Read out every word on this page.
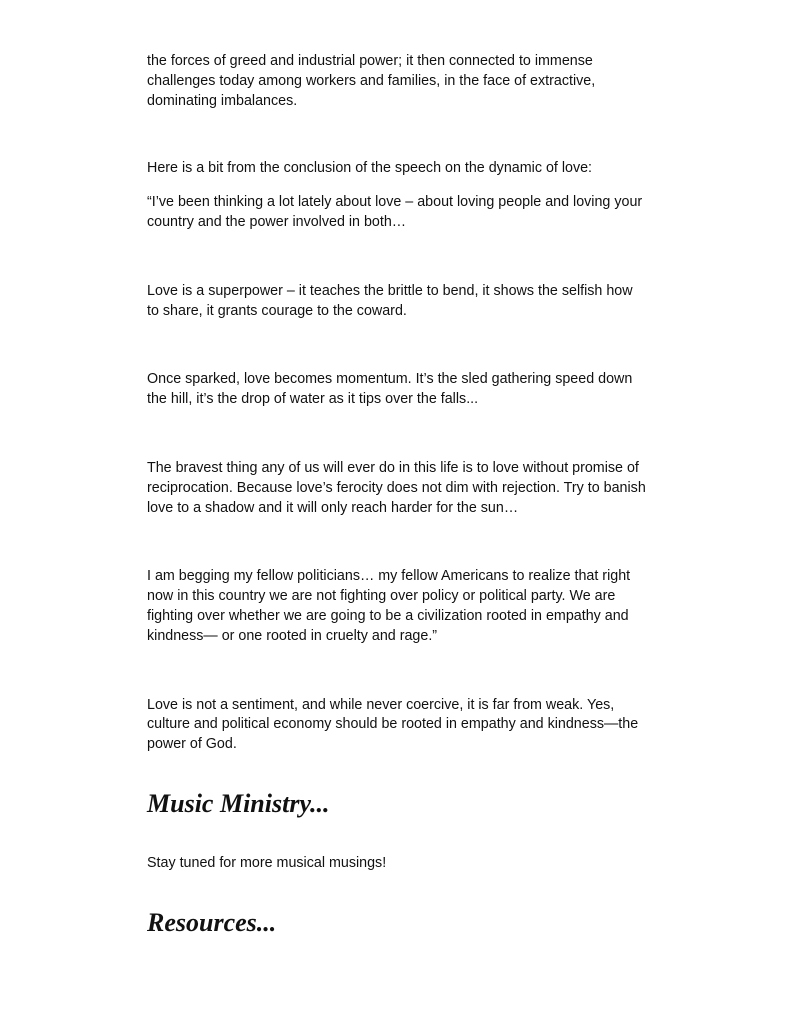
the forces of greed and industrial power; it then connected to immense challenges today among workers and families, in the face of extractive, dominating imbalances.

Here is a bit from the conclusion of the speech on the dynamic of love:

“I’ve been thinking a lot lately about love – about loving people and loving your country and the power involved in both…

Love is a superpower – it teaches the brittle to bend, it shows the selfish how to share, it grants courage to the coward.

Once sparked, love becomes momentum. It’s the sled gathering speed down the hill, it’s the drop of water as it tips over the falls...

The bravest thing any of us will ever do in this life is to love without promise of reciprocation. Because love’s ferocity does not dim with rejection. Try to banish love to a shadow and it will only reach harder for the sun…

I am begging my fellow politicians… my fellow Americans to realize that right now in this country we are not fighting over policy or political party. We are fighting over whether we are going to be a civilization rooted in empathy and kindness— or one rooted in cruelty and rage.”

Love is not a sentiment, and while never coercive, it is far from weak. Yes, culture and political economy should be rooted in empathy and kindness—the power of God.

Music Ministry...

Stay tuned for more musical musings!

Resources...
